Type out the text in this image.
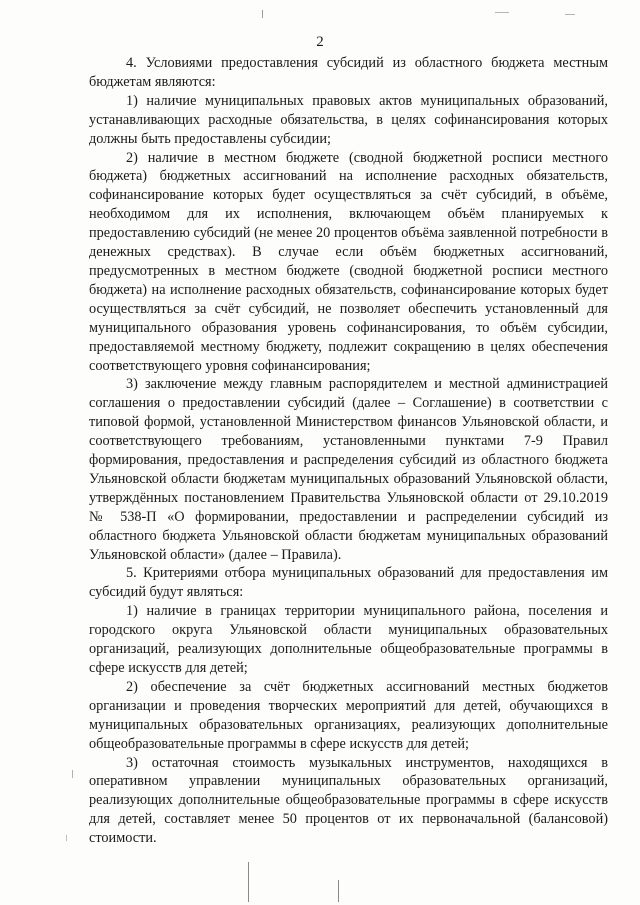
2

4. Условиями предоставления субсидий из областного бюджета местным бюджетам являются:

1) наличие муниципальных правовых актов муниципальных образований, устанавливающих расходные обязательства, в целях софинансирования которых должны быть предоставлены субсидии;

2) наличие в местном бюджете (сводной бюджетной росписи местного бюджета) бюджетных ассигнований на исполнение расходных обязательств, софинансирование которых будет осуществляться за счёт субсидий, в объёме, необходимом для их исполнения, включающем объём планируемых к предоставлению субсидий (не менее 20 процентов объёма заявленной потребности в денежных средствах). В случае если объём бюджетных ассигнований, предусмотренных в местном бюджете (сводной бюджетной росписи местного бюджета) на исполнение расходных обязательств, софинансирование которых будет осуществляться за счёт субсидий, не позволяет обеспечить установленный для муниципального образования уровень софинансирования, то объём субсидии, предоставляемой местному бюджету, подлежит сокращению в целях обеспечения соответствующего уровня софинансирования;

3) заключение между главным распорядителем и местной администрацией соглашения о предоставлении субсидий (далее – Соглашение) в соответствии с типовой формой, установленной Министерством финансов Ульяновской области, и соответствующего требованиям, установленными пунктами 7-9 Правил формирования, предоставления и распределения субсидий из областного бюджета Ульяновской области бюджетам муниципальных образований Ульяновской области, утверждённых постановлением Правительства Ульяновской области от 29.10.2019 № 538-П «О формировании, предоставлении и распределении субсидий из областного бюджета Ульяновской области бюджетам муниципальных образований Ульяновской области» (далее – Правила).

5. Критериями отбора муниципальных образований для предоставления им субсидий будут являться:

1) наличие в границах территории муниципального района, поселения и городского округа Ульяновской области муниципальных образовательных организаций, реализующих дополнительные общеобразовательные программы в сфере искусств для детей;

2) обеспечение за счёт бюджетных ассигнований местных бюджетов организации и проведения творческих мероприятий для детей, обучающихся в муниципальных образовательных организациях, реализующих дополнительные общеобразовательные программы в сфере искусств для детей;

3) остаточная стоимость музыкальных инструментов, находящихся в оперативном управлении муниципальных образовательных организаций, реализующих дополнительные общеобразовательные программы в сфере искусств для детей, составляет менее 50 процентов от их первоначальной (балансовой) стоимости.
